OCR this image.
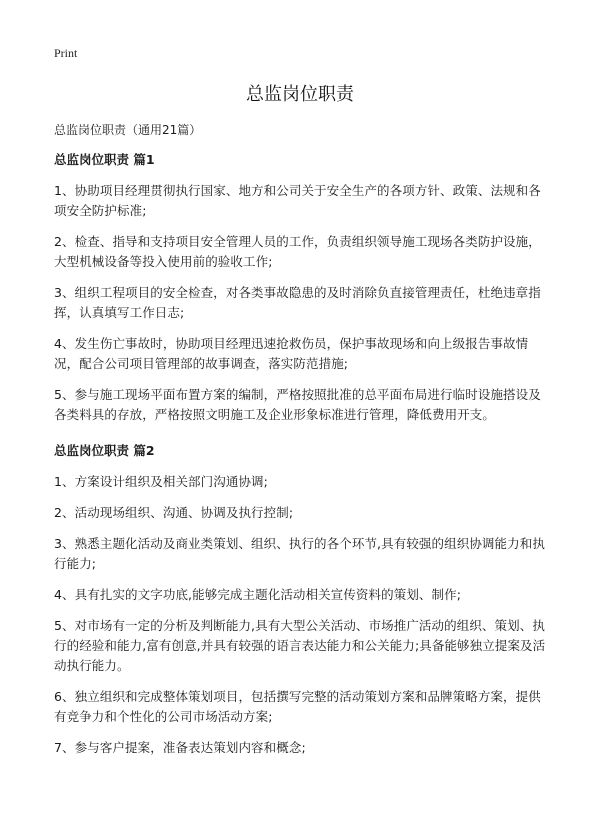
Print
总监岗位职责

总监岗位职责（通用21篇）

总监岗位职责 篇1

1、协助项目经理贯彻执行国家、地方和公司关于安全生产的各项方针、政策、法规和各项安全防护标准;

2、检查、指导和支持项目安全管理人员的工作，负责组织领导施工现场各类防护设施，大型机械设备等投入使用前的验收工作;

3、组织工程项目的安全检查，对各类事故隐患的及时消除负直接管理责任，杜绝违章指挥，认真填写工作日志;

4、发生伤亡事故时，协助项目经理迅速抢救伤员，保护事故现场和向上级报告事故情况，配合公司项目管理部的故事调查，落实防范措施;

5、参与施工现场平面布置方案的编制，严格按照批准的总平面布局进行临时设施搭设及各类料具的存放，严格按照文明施工及企业形象标准进行管理，降低费用开支。

总监岗位职责 篇2

1、方案设计组织及相关部门沟通协调;

2、活动现场组织、沟通、协调及执行控制;

3、熟悉主题化活动及商业类策划、组织、执行的各个环节,具有较强的组织协调能力和执行能力;

4、具有扎实的文字功底,能够完成主题化活动相关宣传资料的策划、制作;

5、对市场有一定的分析及判断能力,具有大型公关活动、市场推广活动的组织、策划、执行的经验和能力,富有创意,并具有较强的语言表达能力和公关能力;具备能够独立提案及活动执行能力。

6、独立组织和完成整体策划项目，包括撰写完整的活动策划方案和品牌策略方案，提供有竞争力和个性化的公司市场活动方案;

7、参与客户提案，准备表达策划内容和概念;
